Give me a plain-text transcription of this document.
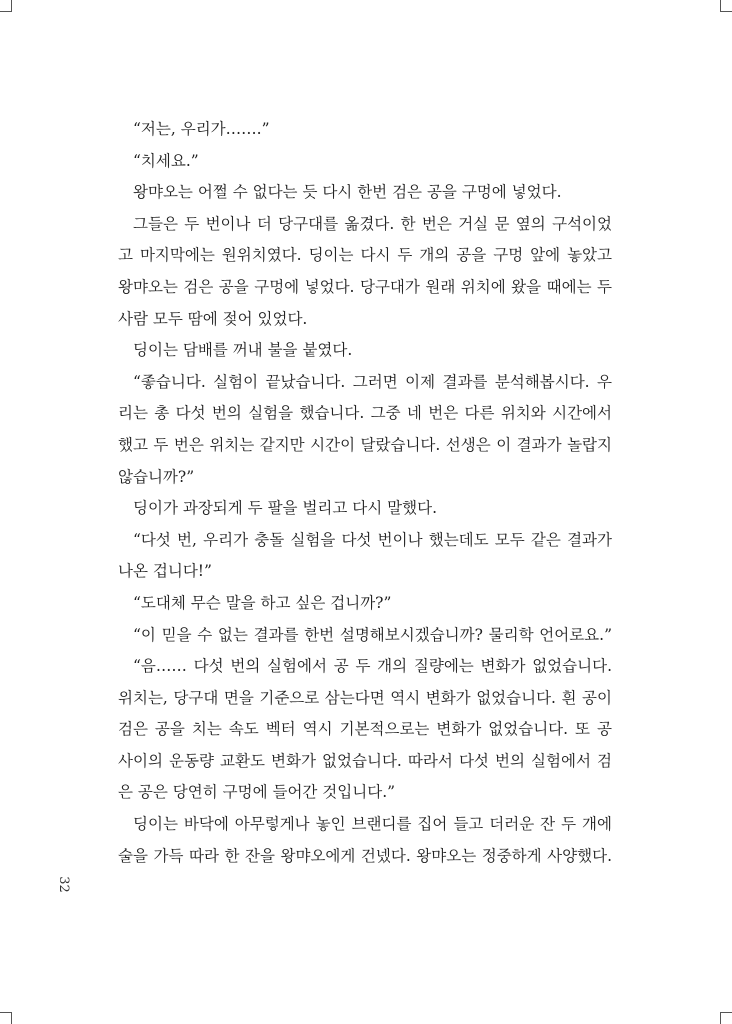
“저는, 우리가…….”
“치세요.”
왕먀오는 어쩔 수 없다는 듯 다시 한번 검은 공을 구멍에 넣었다.
그들은 두 번이나 더 당구대를 옮겼다. 한 번은 거실 문 옆의 구석이었
고 마지막에는 원위치였다. 딩이는 다시 두 개의 공을 구멍 앞에 놓았고
왕먀오는 검은 공을 구멍에 넣었다. 당구대가 원래 위치에 왔을 때에는 두
사람 모두 땀에 젖어 있었다.
딩이는 담배를 꺼내 불을 붙였다.
“좋습니다. 실험이 끝났습니다. 그러면 이제 결과를 분석해봅시다. 우
리는 총 다섯 번의 실험을 했습니다. 그중 네 번은 다른 위치와 시간에서
했고 두 번은 위치는 같지만 시간이 달랐습니다. 선생은 이 결과가 놀랍지
않습니까?”
딩이가 과장되게 두 팔을 벌리고 다시 말했다.
“다섯 번, 우리가 충돌 실험을 다섯 번이나 했는데도 모두 같은 결과가
나온 겁니다!”
“도대체 무슨 말을 하고 싶은 겁니까?”
“이 믿을 수 없는 결과를 한번 설명해보시겠습니까? 물리학 언어로요.”
“음…… 다섯 번의 실험에서 공 두 개의 질량에는 변화가 없었습니다.
위치는, 당구대 면을 기준으로 삼는다면 역시 변화가 없었습니다. 흰 공이
검은 공을 치는 속도 벡터 역시 기본적으로는 변화가 없었습니다. 또 공
사이의 운동량 교환도 변화가 없었습니다. 따라서 다섯 번의 실험에서 검
은 공은 당연히 구멍에 들어간 것입니다.”
딩이는 바닥에 아무렇게나 놓인 브랜디를 집어 들고 더러운 잔 두 개에
술을 가득 따라 한 잔을 왕먀오에게 건넸다. 왕먀오는 정중하게 사양했다.
32
